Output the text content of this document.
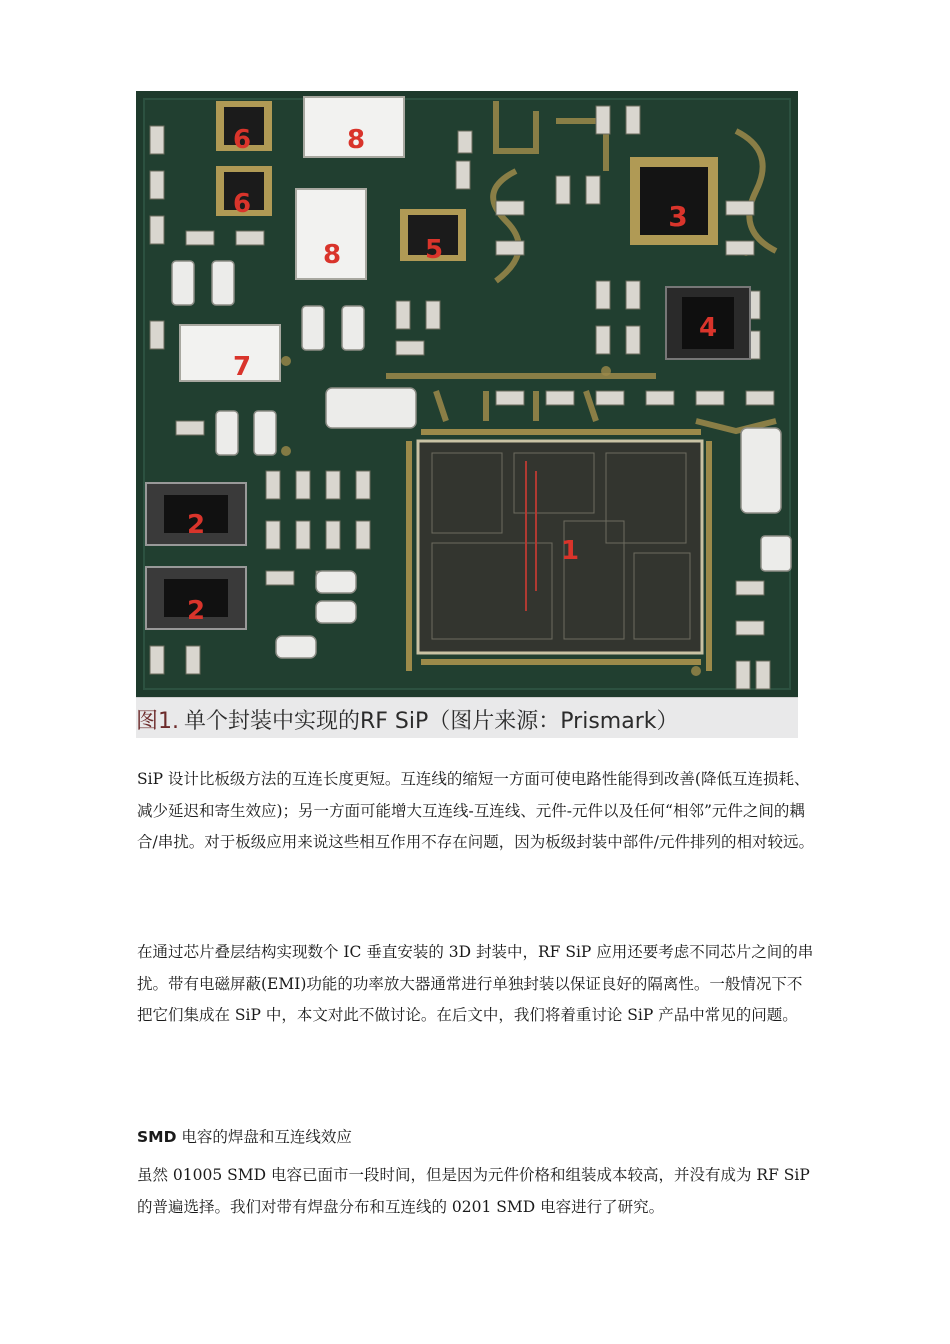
6
6
8
8	5
3
4
7
2
2
1
图1. 单个封装中实现的RF SiP（图片来源：Prismark）

SiP 设计比板级方法的互连长度更短。互连线的缩短一方面可使电路性能得到改善(降低互连损耗、减少延迟和寄生效应)；另一方面可能增大互连线-互连线、元件-元件以及任何“相邻”元件之间的耦合/串扰。对于板级应用来说这些相互作用不存在问题，因为板级封装中部件/元件排列的相对较远。

在通过芯片叠层结构实现数个 IC 垂直安装的 3D 封装中，RF SiP 应用还要考虑不同芯片之间的串扰。带有电磁屏蔽(EMI)功能的功率放大器通常进行单独封装以保证良好的隔离性。一般情况下不把它们集成在 SiP 中，本文对此不做讨论。在后文中，我们将着重讨论 SiP 产品中常见的问题。

SMD 电容的焊盘和互连线效应

虽然 01005 SMD 电容已面市一段时间，但是因为元件价格和组装成本较高，并没有成为 RF SiP 的普遍选择。我们对带有焊盘分布和互连线的 0201 SMD 电容进行了研究。
